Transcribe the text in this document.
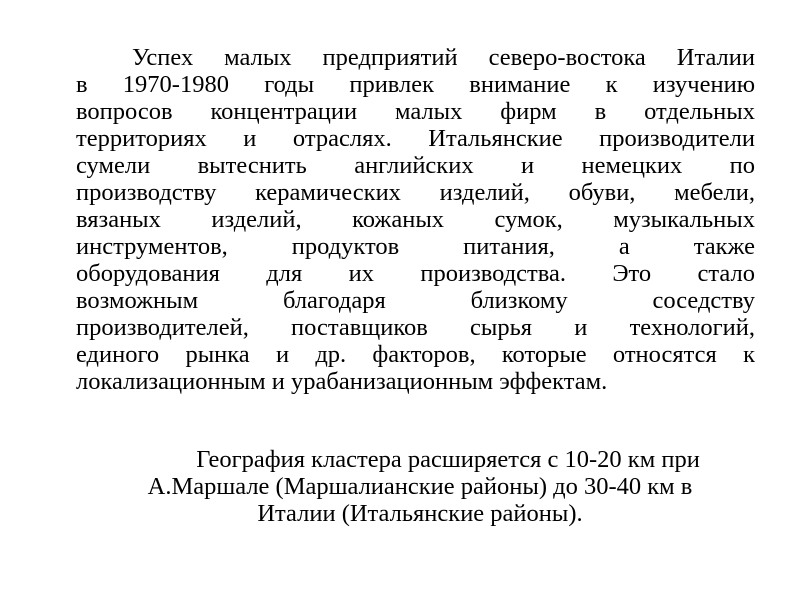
Успех малых предприятий северо-востока Италии
в 1970-1980 годы привлек внимание к изучению
вопросов концентрации малых фирм в отдельных
территориях и отраслях. Итальянские производители
сумели вытеснить английских и немецких по
производству керамических изделий, обуви, мебели,
вязаных изделий, кожаных сумок, музыкальных
инструментов, продуктов питания, а также
оборудования для их производства. Это стало
возможным благодаря близкому соседству
производителей, поставщиков сырья и технологий,
единого рынка и др. факторов, которые относятся к
локализационным и урабанизационным эффектам.

География кластера расширяется с 10-20 км при
А.Маршале (Маршалианские районы) до 30-40 км в
Италии (Итальянские районы).
